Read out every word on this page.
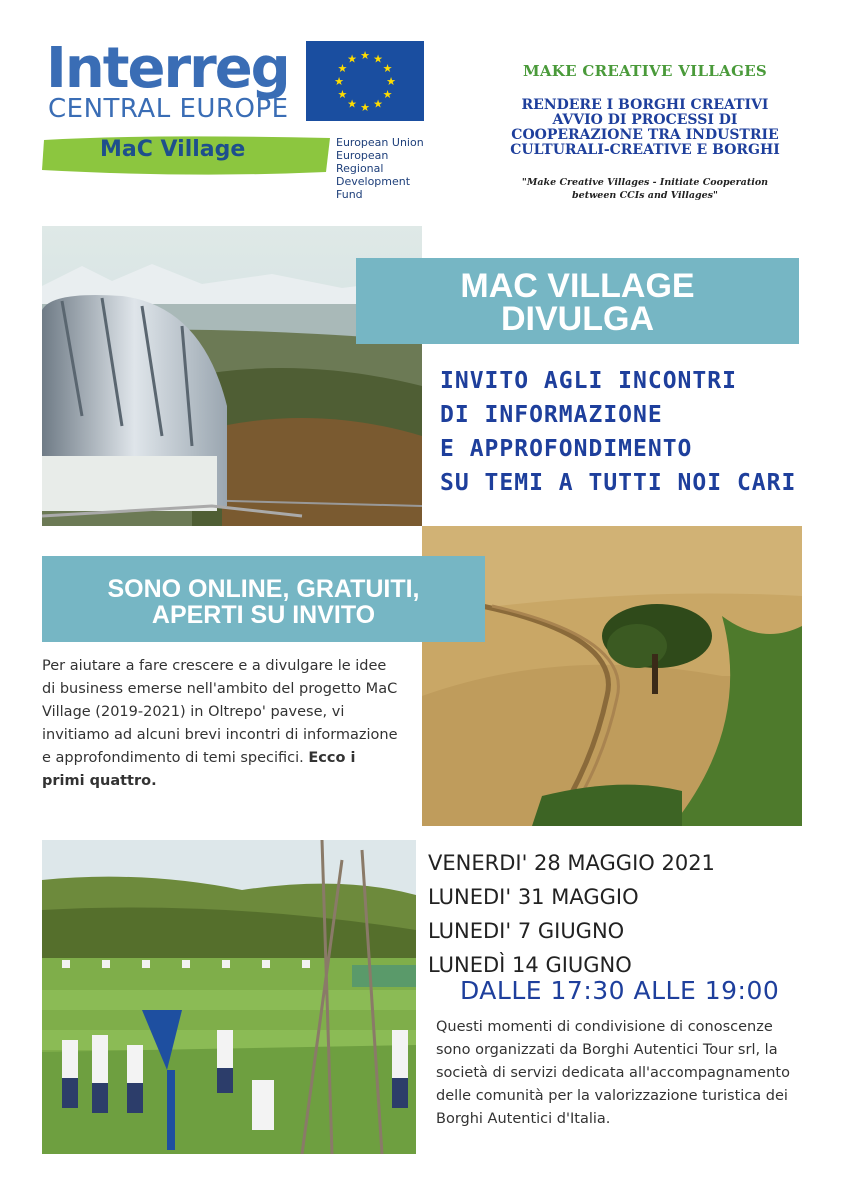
Interreg
CENTRAL EUROPE
MaC Village
★ ★
★
★
★
★
★
★
★
★
★
★
European Union
European Regional
Development Fund
MAKE CREATIVE VILLAGES
RENDERE I BORGHI CREATIVI
AVVIO DI PROCESSI DI
COOPERAZIONE TRA INDUSTRIE
CULTURALI-CREATIVE E BORGHI
"Make Creative Villages - Initiate Cooperation
between CCIs and Villages"
MAC VILLAGE
DIVULGA
INVITO AGLI INCONTRI
DI INFORMAZIONE
E APPROFONDIMENTO
SU TEMI A TUTTI NOI CARI
SONO ONLINE, GRATUITI,
APERTI SU INVITO
Per aiutare a fare crescere e a divulgare le idee di business emerse nell'ambito del progetto MaC Village (2019-2021) in Oltrepo' pavese, vi invitiamo ad alcuni brevi incontri di informazione e approfondimento di temi specifici. Ecco i primi quattro.
VENERDI' 28 MAGGIO 2021
LUNEDI' 31 MAGGIO
LUNEDI' 7 GIUGNO
LUNEDÌ 14 GIUGNO
DALLE 17:30 ALLE 19:00
Questi momenti di condivisione di conoscenze sono organizzati da Borghi Autentici Tour srl, la società di servizi dedicata all'accompagnamento delle comunità per la valorizzazione turistica dei Borghi Autentici d'Italia.
